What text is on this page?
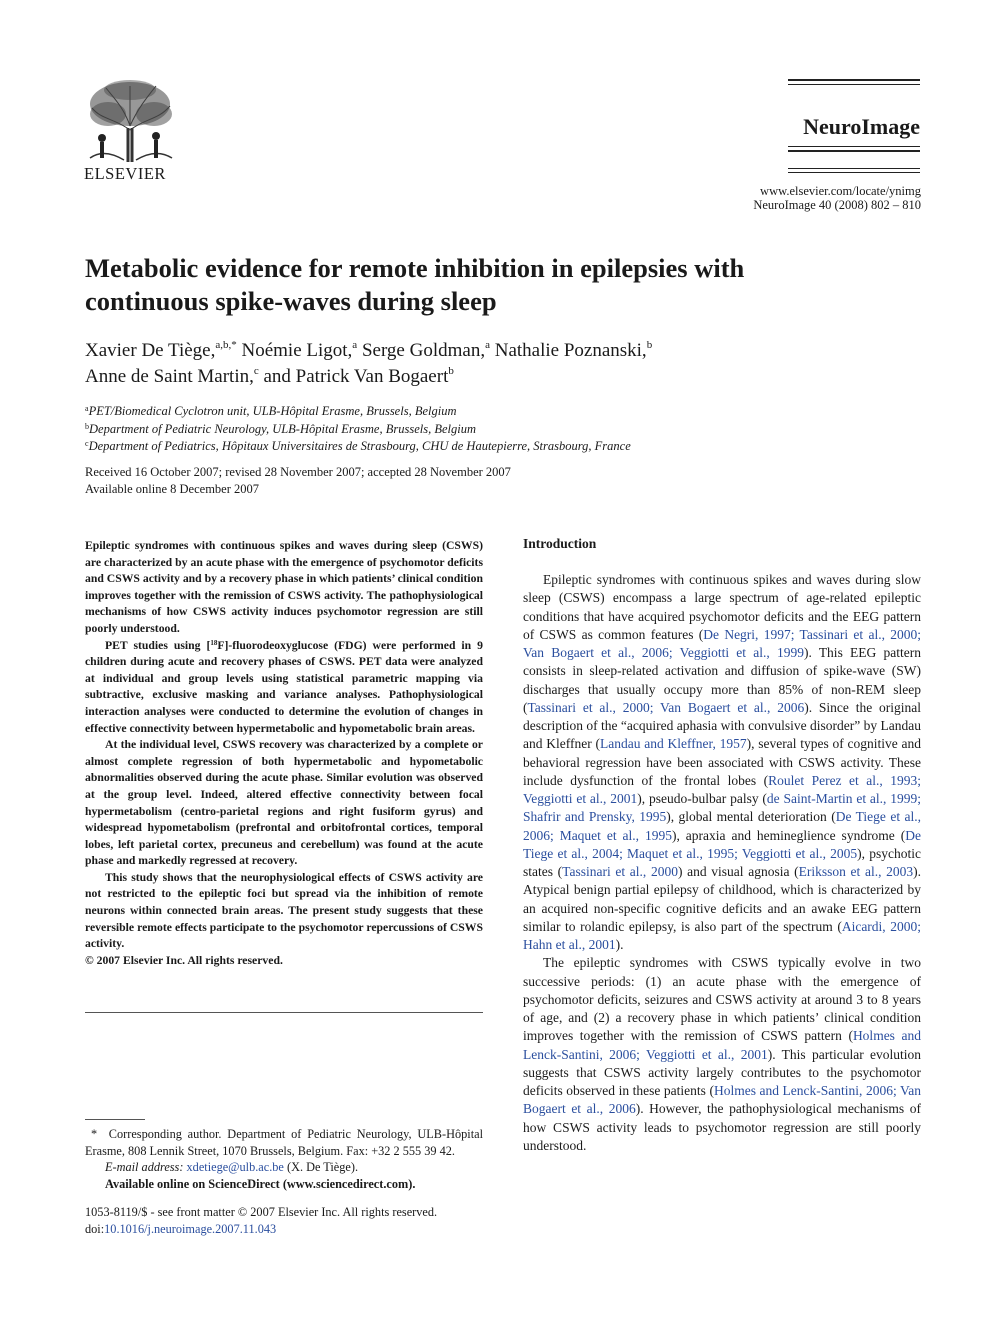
ELSEVIER
NeuroImage
www.elsevier.com/locate/ynimg
NeuroImage 40 (2008) 802 – 810
Metabolic evidence for remote inhibition in epilepsies with continuous spike-waves during sleep
Xavier De Tiège,$^{a,b,*}$ Noémie Ligot,$^a$ Serge Goldman,$^a$ Nathalie Poznanski,$^b$
Anne de Saint Martin,$^c$ and Patrick Van Bogaert$^b$
$^a$PET/Biomedical Cyclotron unit, ULB-Hôpital Erasme, Brussels, Belgium
$^b$Department of Pediatric Neurology, ULB-Hôpital Erasme, Brussels, Belgium
$^c$Department of Pediatrics, Hôpitaux Universitaires de Strasbourg, CHU de Hautepierre, Strasbourg, France
Received 16 October 2007; revised 28 November 2007; accepted 28 November 2007
Available online 8 December 2007

Epileptic syndromes with continuous spikes and waves during sleep (CSWS) are characterized by an acute phase with the emergence of psychomotor deficits and CSWS activity and by a recovery phase in which patients’ clinical condition improves together with the remission of CSWS activity. The pathophysiological mechanisms of how CSWS activity induces psychomotor regression are still poorly understood.

PET studies using [$^{18}$F]-fluorodeoxyglucose (FDG) were performed in 9 children during acute and recovery phases of CSWS. PET data were analyzed at individual and group levels using statistical parametric mapping via subtractive, exclusive masking and variance analyses. Pathophysiological interaction analyses were conducted to determine the evolution of changes in effective connectivity between hypermetabolic and hypometabolic brain areas.

At the individual level, CSWS recovery was characterized by a complete or almost complete regression of both hypermetabolic and hypometabolic abnormalities observed during the acute phase. Similar evolution was observed at the group level. Indeed, altered effective connectivity between focal hypermetabolism (centro-parietal regions and right fusiform gyrus) and widespread hypometabolism (prefrontal and orbitofrontal cortices, temporal lobes, left parietal cortex, precuneus and cerebellum) was found at the acute phase and markedly regressed at recovery.

This study shows that the neurophysiological effects of CSWS activity are not restricted to the epileptic foci but spread via the inhibition of remote neurons within connected brain areas. The present study suggests that these reversible remote effects participate to the psychomotor repercussions of CSWS activity.

© 2007 Elsevier Inc. All rights reserved.

* Corresponding author. Department of Pediatric Neurology, ULB-Hôpital Erasme, 808 Lennik Street, 1070 Brussels, Belgium. Fax: +32 2 555 39 42.

E-mail address: xdetiege@ulb.ac.be (X. De Tiège).

Available online on ScienceDirect (www.sciencedirect.com).

1053-8119/$ - see front matter © 2007 Elsevier Inc. All rights reserved.
doi:10.1016/j.neuroimage.2007.11.043
Introduction

Epileptic syndromes with continuous spikes and waves during slow sleep (CSWS) encompass a large spectrum of age-related epileptic conditions that have acquired psychomotor deficits and the EEG pattern of CSWS as common features (De Negri, 1997; Tassinari et al., 2000; Van Bogaert et al., 2006; Veggiotti et al., 1999). This EEG pattern consists in sleep-related activation and diffusion of spike-wave (SW) discharges that usually occupy more than 85% of non-REM sleep (Tassinari et al., 2000; Van Bogaert et al., 2006). Since the original description of the “acquired aphasia with convulsive disorder” by Landau and Kleffner (Landau and Kleffner, 1957), several types of cognitive and behavioral regression have been associated with CSWS activity. These include dysfunction of the frontal lobes (Roulet Perez et al., 1993; Veggiotti et al., 2001), pseudo-bulbar palsy (de Saint-Martin et al., 1999; Shafrir and Prensky, 1995), global mental deterioration (De Tiege et al., 2006; Maquet et al., 1995), apraxia and hemineglience syndrome (De Tiege et al., 2004; Maquet et al., 1995; Veggiotti et al., 2005), psychotic states (Tassinari et al., 2000) and visual agnosia (Eriksson et al., 2003). Atypical benign partial epilepsy of childhood, which is characterized by an acquired non-specific cognitive deficits and an awake EEG pattern similar to rolandic epilepsy, is also part of the spectrum (Aicardi, 2000; Hahn et al., 2001).

The epileptic syndromes with CSWS typically evolve in two successive periods: (1) an acute phase with the emergence of psychomotor deficits, seizures and CSWS activity at around 3 to 8 years of age, and (2) a recovery phase in which patients’ clinical condition improves together with the remission of CSWS pattern (Holmes and Lenck-Santini, 2006; Veggiotti et al., 2001). This particular evolution suggests that CSWS activity largely contributes to the psychomotor deficits observed in these patients (Holmes and Lenck-Santini, 2006; Van Bogaert et al., 2006). However, the pathophysiological mechanisms of how CSWS activity leads to psychomotor regression are still poorly understood.
